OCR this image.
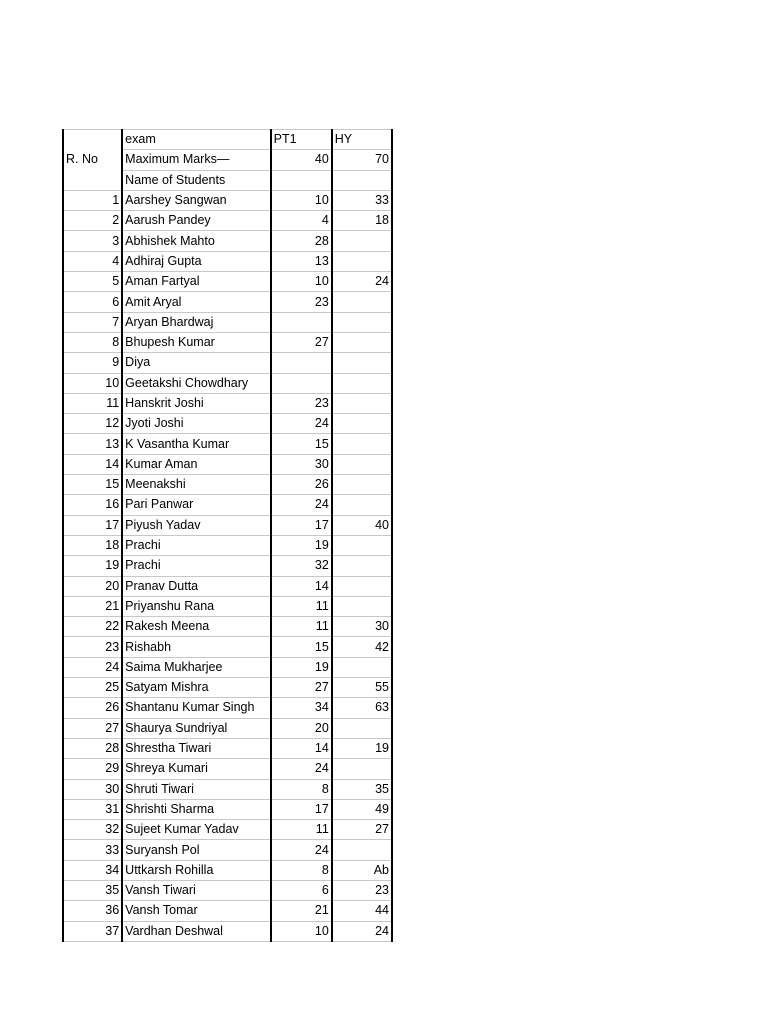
R. No	exam	PT1	HY
	Maximum Marks—	40	70
	Name of Students		
1	Aarshey Sangwan	10	33
2	Aarush Pandey	4	18
3	Abhishek Mahto	28	
4	Adhiraj Gupta	13	
5	Aman Fartyal	10	24
6	Amit Aryal	23	
7	Aryan Bhardwaj		
8	Bhupesh Kumar	27	
9	Diya		
10	Geetakshi Chowdhary		
11	Hanskrit Joshi	23	
12	Jyoti Joshi	24	
13	K Vasantha Kumar	15	
14	Kumar Aman	30	
15	Meenakshi	26	
16	Pari Panwar	24	
17	Piyush Yadav	17	40
18	Prachi	19	
19	Prachi	32	
20	Pranav Dutta	14	
21	Priyanshu Rana	11	
22	Rakesh Meena	11	30
23	Rishabh	15	42
24	Saima Mukharjee	19	
25	Satyam Mishra	27	55
26	Shantanu Kumar Singh	34	63
27	Shaurya Sundriyal	20	
28	Shrestha Tiwari	14	19
29	Shreya Kumari	24	
30	Shruti Tiwari	8	35
31	Shrishti Sharma	17	49
32	Sujeet Kumar Yadav	11	27
33	Suryansh Pol	24	
34	Uttkarsh Rohilla	8	Ab
35	Vansh Tiwari	6	23
36	Vansh Tomar	21	44
37	Vardhan Deshwal	10	24
